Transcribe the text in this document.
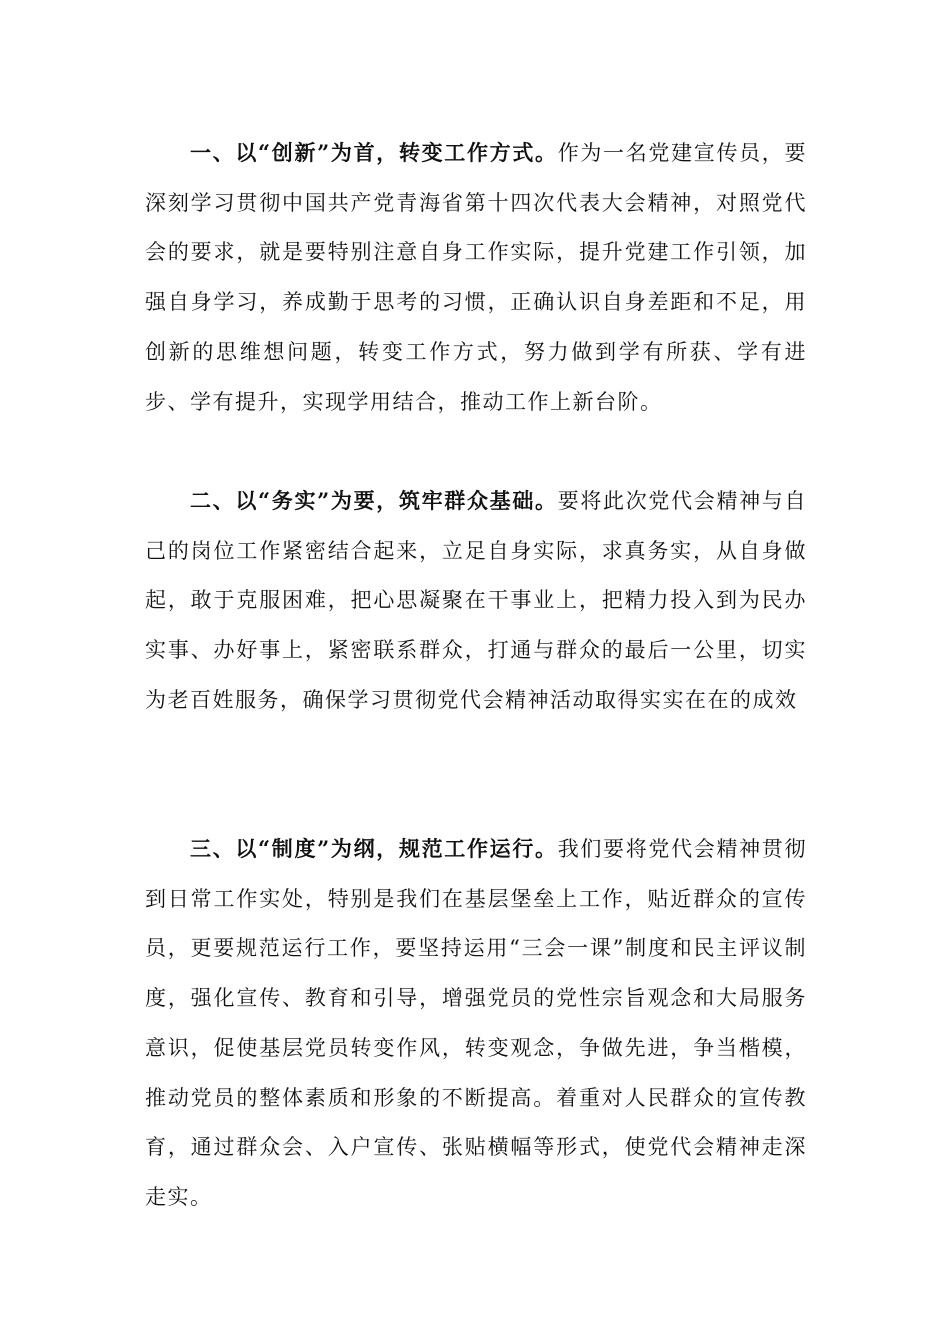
一、以“创新”为首，转变工作方式。作为一名党建宣传员，要深刻学习贯彻中国共产党青海省第十四次代表大会精神，对照党代会的要求，就是要特别注意自身工作实际，提升党建工作引领，加强自身学习，养成勤于思考的习惯，正确认识自身差距和不足，用创新的思维想问题，转变工作方式，努力做到学有所获、学有进步、学有提升，实现学用结合，推动工作上新台阶。

二、以“务实”为要，筑牢群众基础。要将此次党代会精神与自己的岗位工作紧密结合起来，立足自身实际，求真务实，从自身做起，敢于克服困难，把心思凝聚在干事业上，把精力投入到为民办实事、办好事上，紧密联系群众，打通与群众的最后一公里，切实为老百姓服务，确保学习贯彻党代会精神活动取得实实在在的成效

三、以“制度”为纲，规范工作运行。我们要将党代会精神贯彻到日常工作实处，特别是我们在基层堡垒上工作，贴近群众的宣传员，更要规范运行工作，要坚持运用“三会一课”制度和民主评议制度，强化宣传、教育和引导，增强党员的党性宗旨观念和大局服务意识，促使基层党员转变作风，转变观念，争做先进，争当楷模，推动党员的整体素质和形象的不断提高。着重对人民群众的宣传教育，通过群众会、入户宣传、张贴横幅等形式，使党代会精神走深走实。
